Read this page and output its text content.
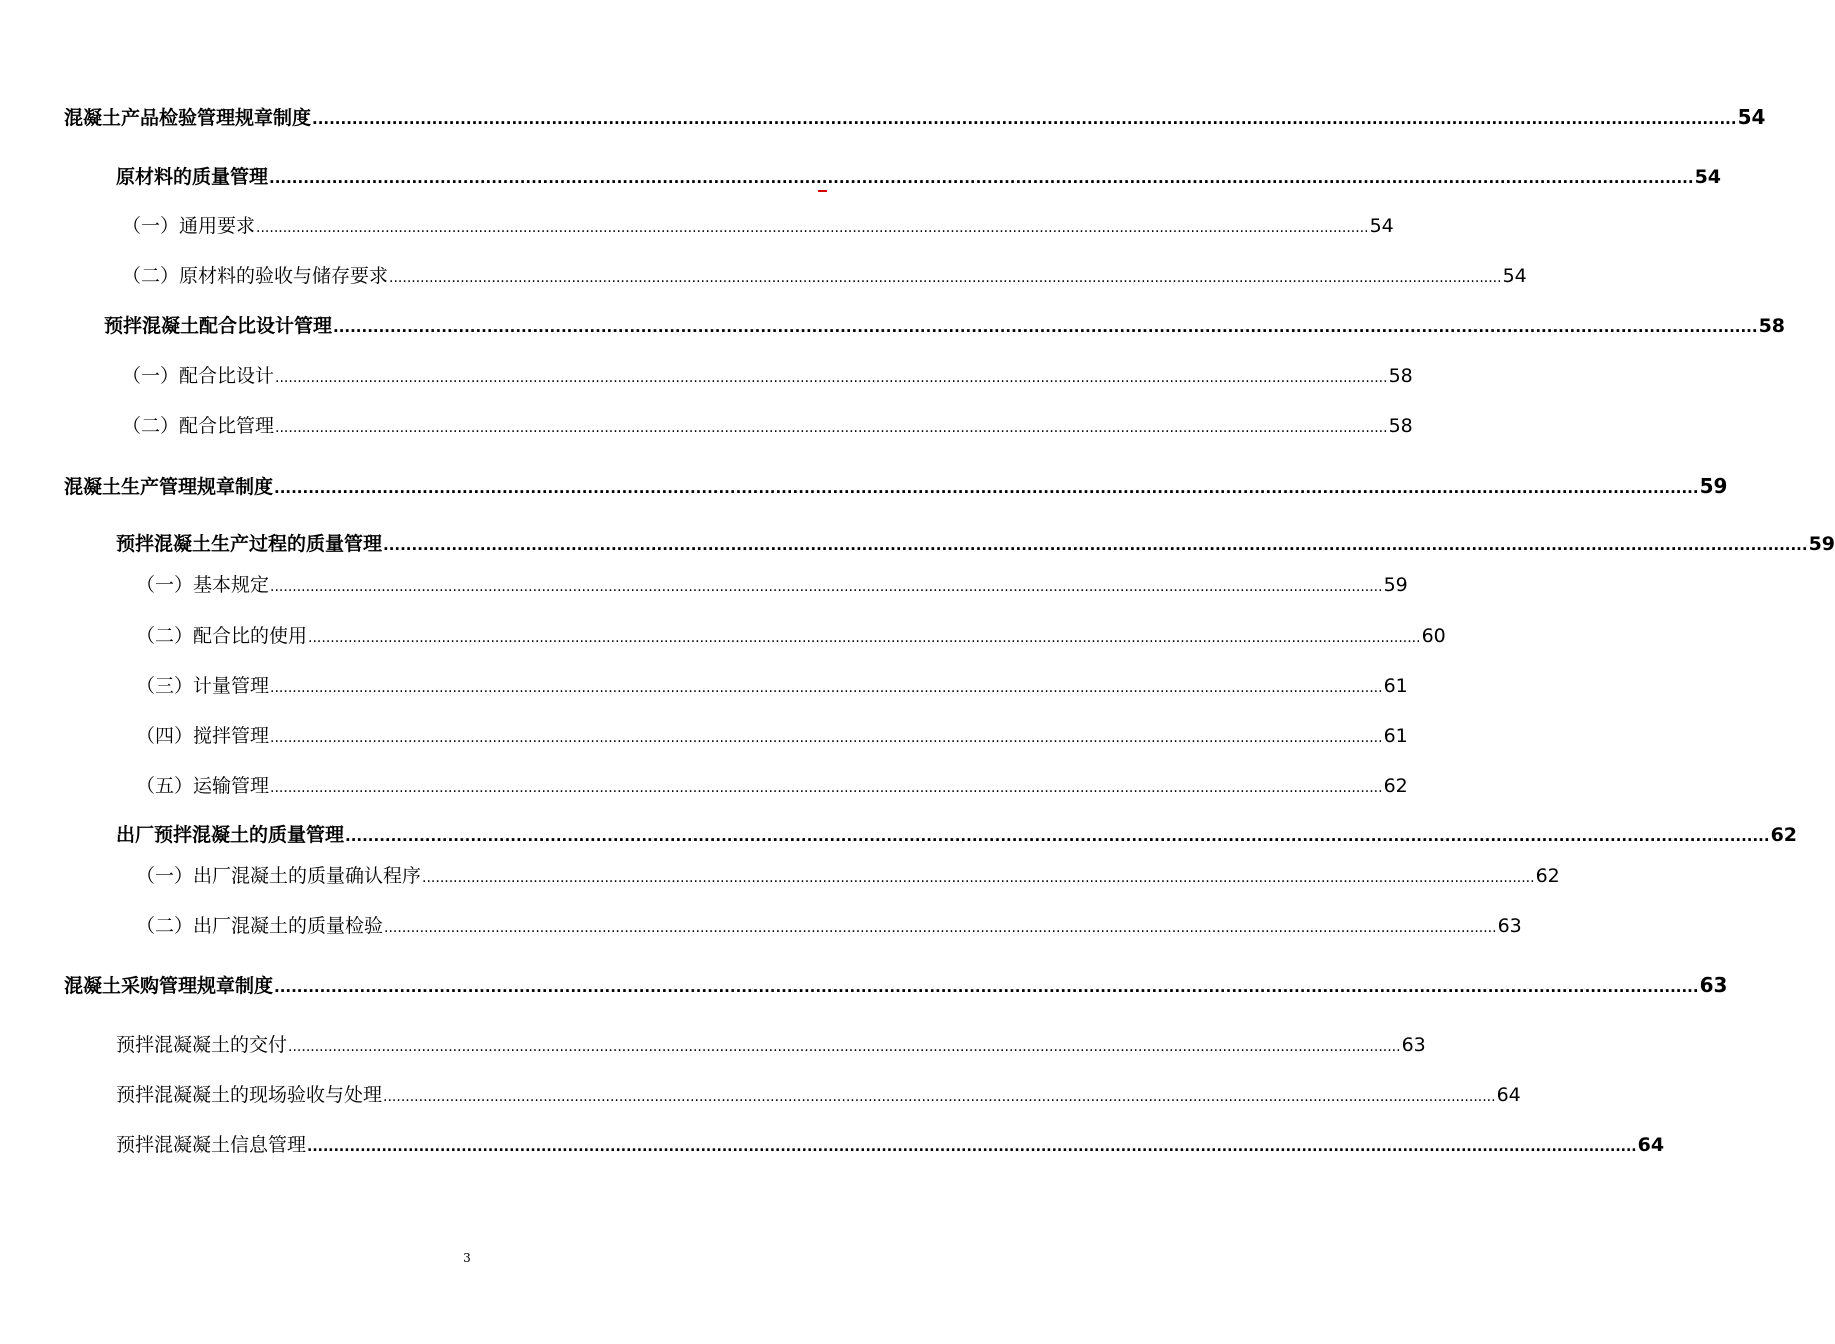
混凝土产品检验管理规章制度 .......................................................................................................................................................................................................................................................... 54
原材料的质量管理 .......................................................................................................................................................................................................................................................... 54
（一）通用要求 .......................................................................................................................................................................................................................................................... 54
（二）原材料的验收与储存要求 .......................................................................................................................................................................................................................................................... 54
预拌混凝土配合比设计管理 .......................................................................................................................................................................................................................................................... 58
（一）配合比设计 .......................................................................................................................................................................................................................................................... 58
（二）配合比管理 .......................................................................................................................................................................................................................................................... 58
混凝土生产管理规章制度 .......................................................................................................................................................................................................................................................... 59
预拌混凝土生产过程的质量管理 .......................................................................................................................................................................................................................................................... 59
（一）基本规定 .......................................................................................................................................................................................................................................................... 59
（二）配合比的使用 .......................................................................................................................................................................................................................................................... 60
（三）计量管理 .......................................................................................................................................................................................................................................................... 61
（四）搅拌管理 .......................................................................................................................................................................................................................................................... 61
（五）运输管理 .......................................................................................................................................................................................................................................................... 62
出厂预拌混凝土的质量管理 .......................................................................................................................................................................................................................................................... 62
（一）出厂混凝土的质量确认程序 .......................................................................................................................................................................................................................................................... 62
（二）出厂混凝土的质量检验 .......................................................................................................................................................................................................................................................... 63
混凝土采购管理规章制度 .......................................................................................................................................................................................................................................................... 63
预拌混凝凝土的交付 .......................................................................................................................................................................................................................................................... 63
预拌混凝凝土的现场验收与处理 .......................................................................................................................................................................................................................................................... 64
预拌混凝凝土信息管理 .......................................................................................................................................................................................................................................................... 64
3
